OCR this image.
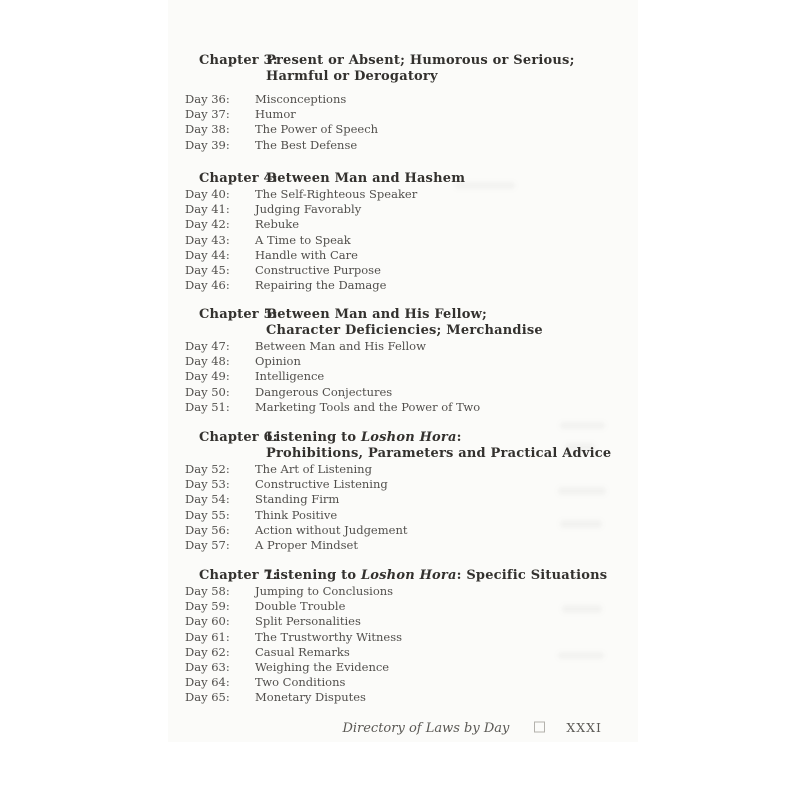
Chapter 3:
Present or Absent; Humorous or Serious;
Harmful or Derogatory
Day 36:	Misconceptions
Day 37:	Humor
Day 38:	The Power of Speech
Day 39:	The Best Defense
Chapter 4:
Between Man and Hashem
Day 40:	The Self-Righteous Speaker
Day 41:	Judging Favorably
Day 42:	Rebuke
Day 43:	A Time to Speak
Day 44:	Handle with Care
Day 45:	Constructive Purpose
Day 46:	Repairing the Damage
Chapter 5:
Between Man and His Fellow;
Character Deficiencies; Merchandise
Day 47:	Between Man and His Fellow
Day 48:	Opinion
Day 49:	Intelligence
Day 50:	Dangerous Conjectures
Day 51:	Marketing Tools and the Power of Two
Chapter 6:
Listening to Loshon Hora:
Prohibitions, Parameters and Practical Advice
Day 52:	The Art of Listening
Day 53:	Constructive Listening
Day 54:	Standing Firm
Day 55:	Think Positive
Day 56:	Action without Judgement
Day 57:	A Proper Mindset
Chapter 7:
Listening to Loshon Hora: Specific Situations
Day 58:	Jumping to Conclusions
Day 59:	Double Trouble
Day 60:	Split Personalities
Day 61:	The Trustworthy Witness
Day 62:	Casual Remarks
Day 63:	Weighing the Evidence
Day 64:	Two Conditions
Day 65:	Monetary Disputes
Directory of Laws by Day	XXXI
